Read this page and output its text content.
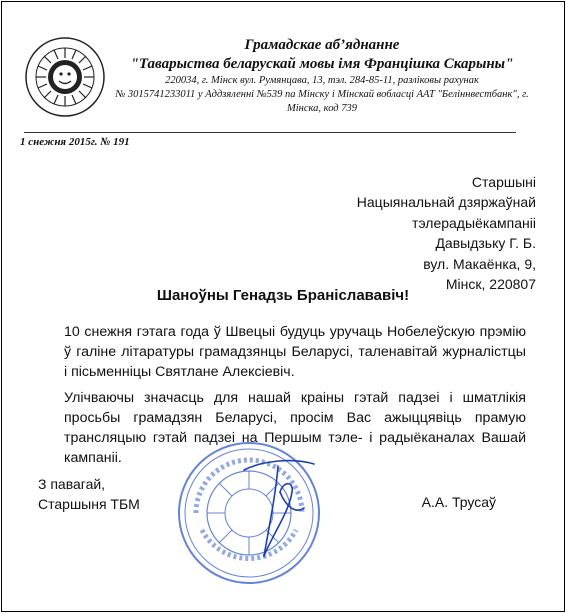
Грамадскае аб’яднанне
"Таварыства беларускай мовы імя Францішка Скарыны"
220034, г. Мінск вул. Румянцава, 13, тэл. 284-85-11, разліковы рахунак
№ 3015741233011 у Аддзяленні №539 па Мінску і Мінскай вобласці ААТ "Беліннвестбанк", г.
Мінска, код 739
1 снежня 2015г. № 191
Старшыні
Нацыянальнай дзяржаўнай
тэлерадыёкампаніі
Давыдзьку Г. Б.
вул. Макаёнка, 9,
Мінск, 220807
Шаноўны Генадзь Браніслававіч!
10 снежня гэтага года ў Швецыі будуць уручаць Нобелеўскую прэмію ў галіне літаратуры грамадзянцы Беларусі, таленавітай журналістцы і пісьменніцы Святлане Алексіевіч.
Улічваючы значасць для нашай краіны гэтай падзеі і шматлікія просьбы грамадзян Беларусі, просім Вас ажыццявіць прамую трансляцыю гэтай падзеі на Першым тэле- і радыёканалах Вашай кампаніі.
З павагай,
Старшыня ТБМ	А.А. Трусаў
